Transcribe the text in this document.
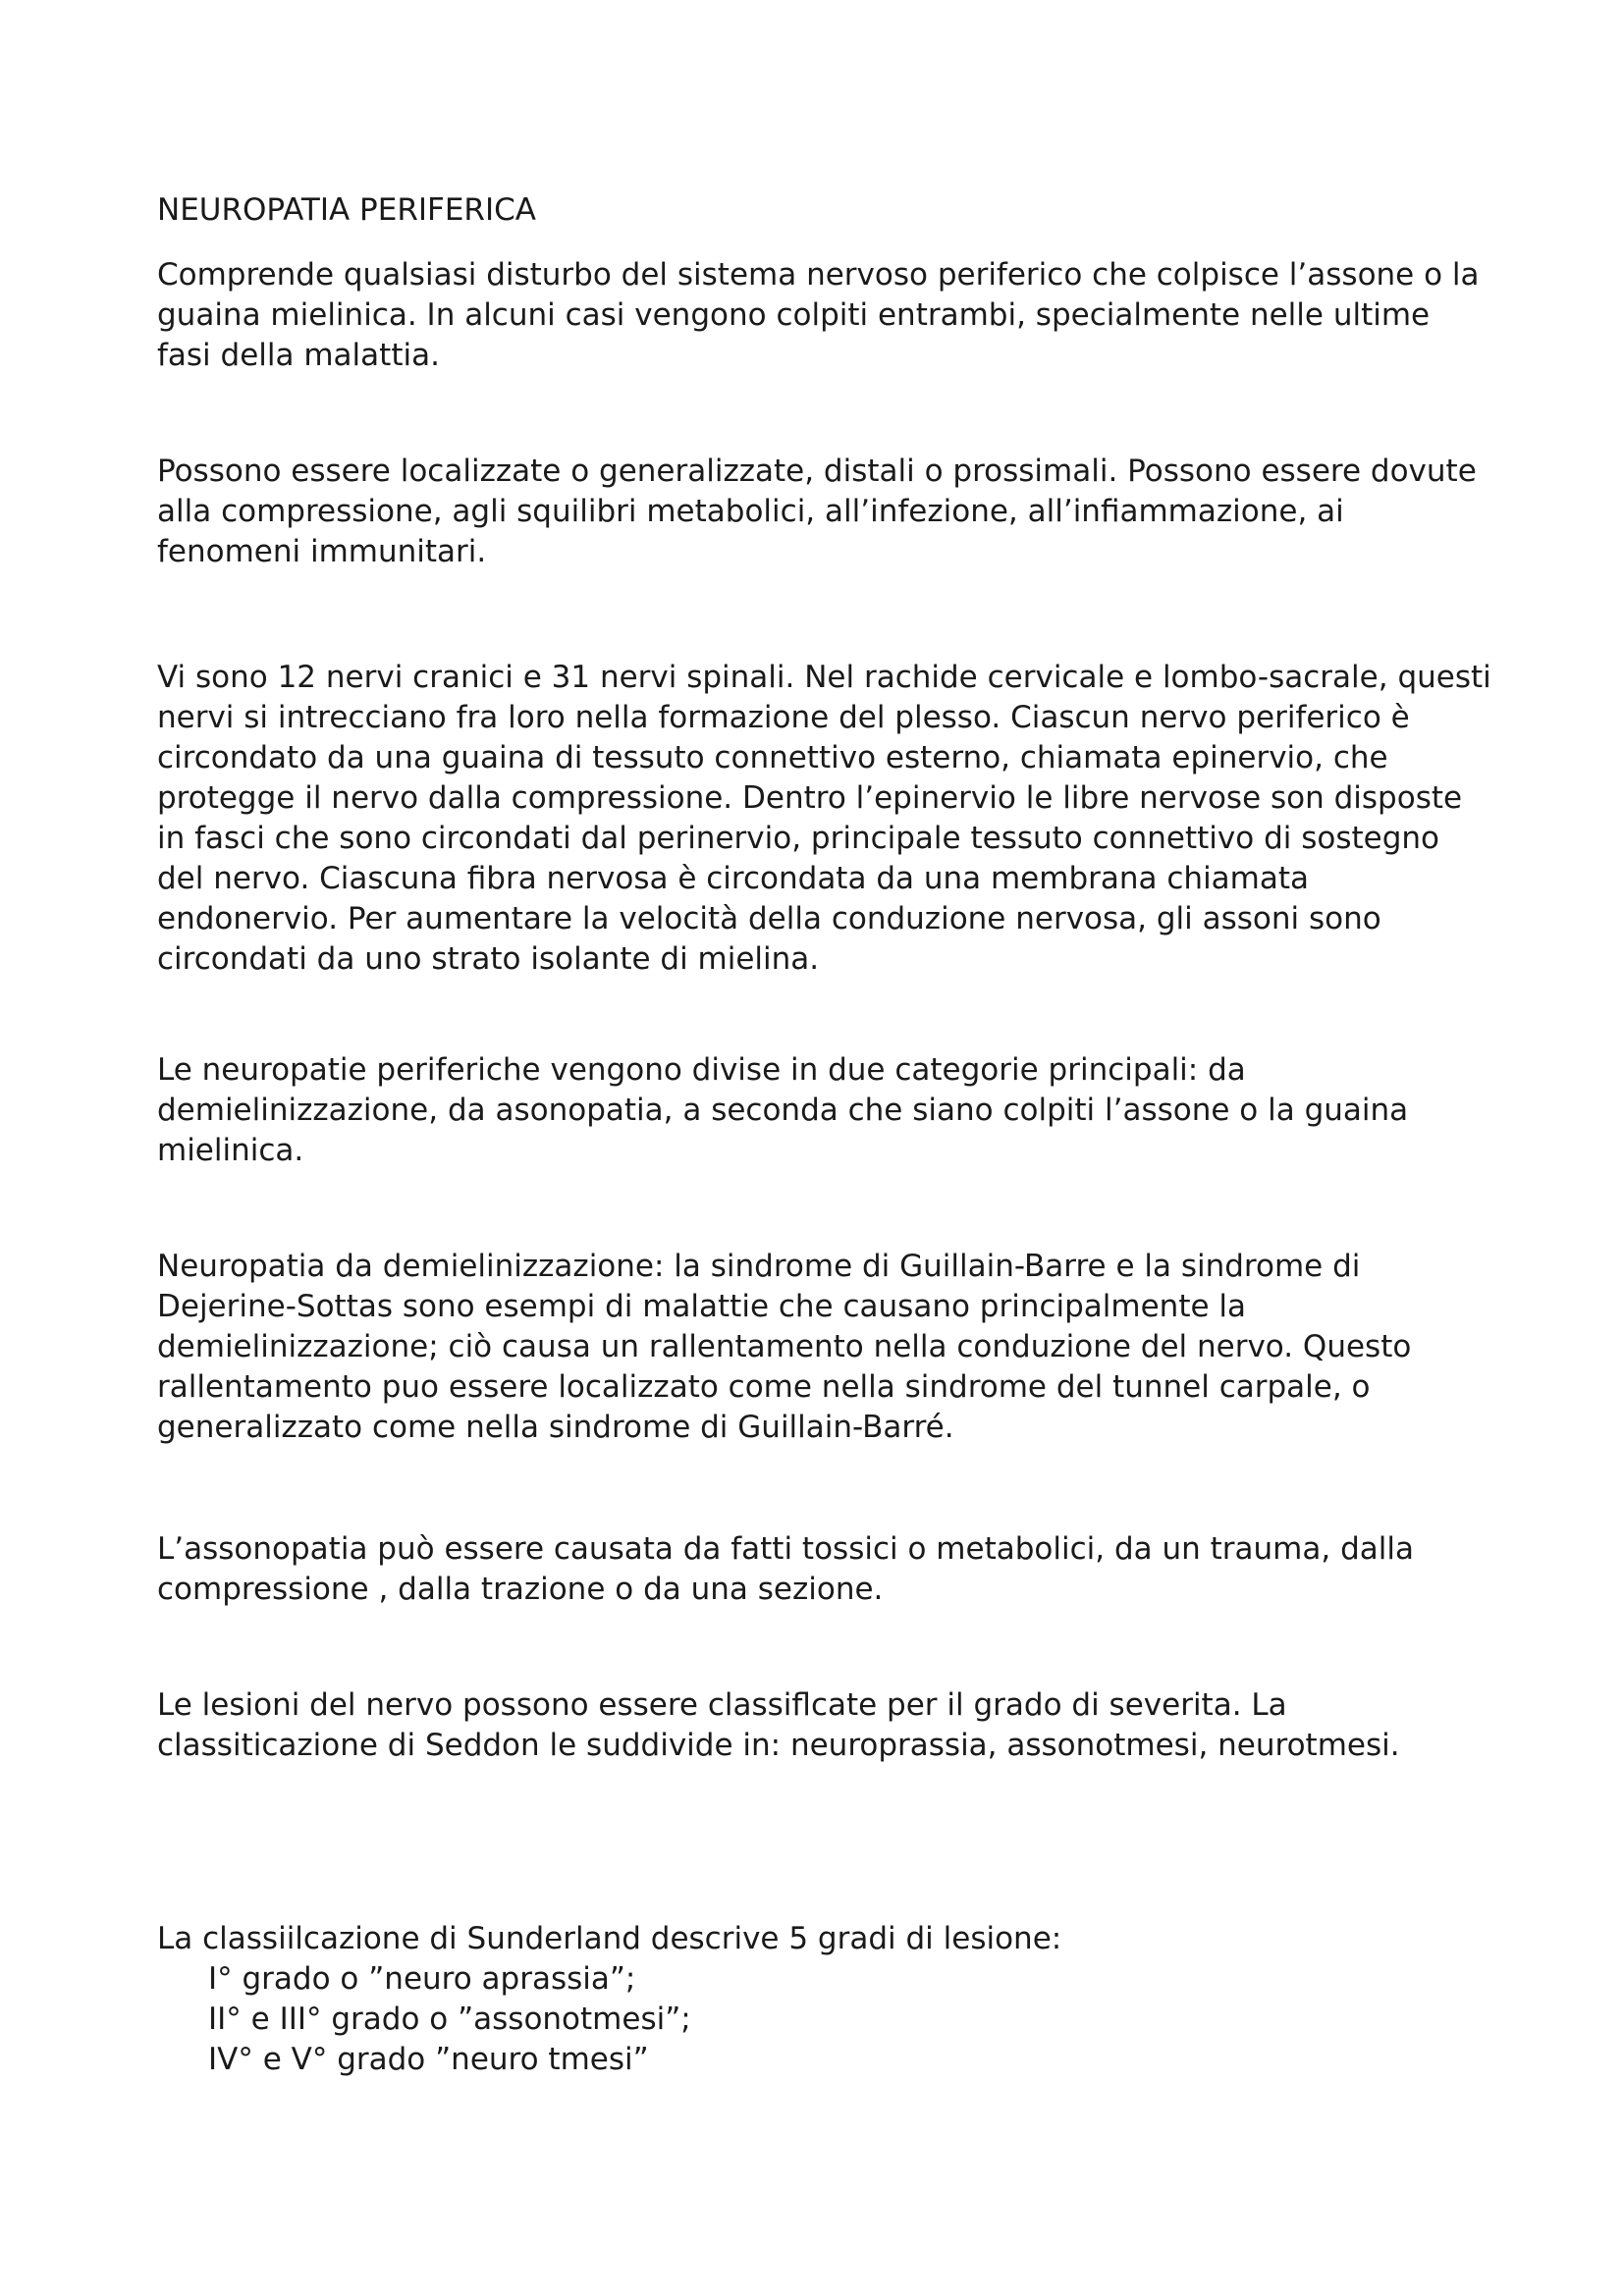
NEUROPATIA PERIFERICA

Comprende qualsiasi disturbo del sistema nervoso periferico che colpisce l’assone o la guaina mielinica. In alcuni casi vengono colpiti entrambi, specialmente nelle ultime fasi della malattia.

Possono essere localizzate o generalizzate, distali o prossimali. Possono essere dovute alla compressione, agli squilibri metabolici, all’infezione, all’infiammazione, ai fenomeni immunitari.

Vi sono 12 nervi cranici e 31 nervi spinali. Nel rachide cervicale e lombo-sacrale, questi nervi si intrecciano fra loro nella formazione del plesso. Ciascun nervo periferico è circondato da una guaina di tessuto connettivo esterno, chiamata epinervio, che protegge il nervo dalla compressione. Dentro l’epinervio le libre nervose son disposte in fasci che sono circondati dal perinervio, principale tessuto connettivo di sostegno del nervo. Ciascuna fibra nervosa è circondata da una membrana chiamata endonervio. Per aumentare la velocità della conduzione nervosa, gli assoni sono circondati da uno strato isolante di mielina.

Le neuropatie periferiche vengono divise in due categorie principali: da demielinizzazione, da asonopatia, a seconda che siano colpiti l’assone o la guaina mielinica.

Neuropatia da demielinizzazione: la sindrome di Guillain-Barre e la sindrome di Dejerine-Sottas sono esempi di malattie che causano principalmente la demielinizzazione; ciò causa un rallentamento nella conduzione del nervo. Questo rallentamento puo essere localizzato come nella sindrome del tunnel carpale, o generalizzato come nella sindrome di Guillain-Barré.

L’assonopatia può essere causata da fatti tossici o metabolici, da un trauma, dalla compressione , dalla trazione o da una sezione.

Le lesioni del nervo possono essere classiflcate per il grado di severita. La classiticazione di Seddon le suddivide in: neuroprassia, assonotmesi, neurotmesi.

La classiilcazione di Sunderland descrive 5 gradi di lesione:

I° grado o ”neuro aprassia”;
II° e III° grado o ”assonotmesi”;
IV° e V° grado ”neuro tmesi”
